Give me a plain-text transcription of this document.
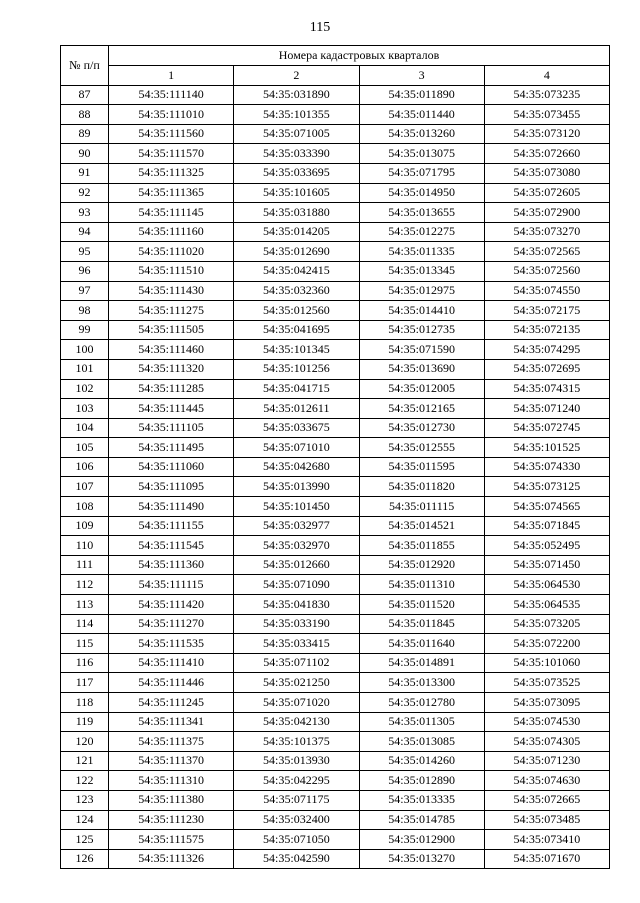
115
№ п/п	Номера кадастровых кварталов			
	1	2	3	4
87	54:35:111140	54:35:031890	54:35:011890	54:35:073235
88	54:35:111010	54:35:101355	54:35:011440	54:35:073455
89	54:35:111560	54:35:071005	54:35:013260	54:35:073120
90	54:35:111570	54:35:033390	54:35:013075	54:35:072660
91	54:35:111325	54:35:033695	54:35:071795	54:35:073080
92	54:35:111365	54:35:101605	54:35:014950	54:35:072605
93	54:35:111145	54:35:031880	54:35:013655	54:35:072900
94	54:35:111160	54:35:014205	54:35:012275	54:35:073270
95	54:35:111020	54:35:012690	54:35:011335	54:35:072565
96	54:35:111510	54:35:042415	54:35:013345	54:35:072560
97	54:35:111430	54:35:032360	54:35:012975	54:35:074550
98	54:35:111275	54:35:012560	54:35:014410	54:35:072175
99	54:35:111505	54:35:041695	54:35:012735	54:35:072135
100	54:35:111460	54:35:101345	54:35:071590	54:35:074295
101	54:35:111320	54:35:101256	54:35:013690	54:35:072695
102	54:35:111285	54:35:041715	54:35:012005	54:35:074315
103	54:35:111445	54:35:012611	54:35:012165	54:35:071240
104	54:35:111105	54:35:033675	54:35:012730	54:35:072745
105	54:35:111495	54:35:071010	54:35:012555	54:35:101525
106	54:35:111060	54:35:042680	54:35:011595	54:35:074330
107	54:35:111095	54:35:013990	54:35:011820	54:35:073125
108	54:35:111490	54:35:101450	54:35:011115	54:35:074565
109	54:35:111155	54:35:032977	54:35:014521	54:35:071845
110	54:35:111545	54:35:032970	54:35:011855	54:35:052495
111	54:35:111360	54:35:012660	54:35:012920	54:35:071450
112	54:35:111115	54:35:071090	54:35:011310	54:35:064530
113	54:35:111420	54:35:041830	54:35:011520	54:35:064535
114	54:35:111270	54:35:033190	54:35:011845	54:35:073205
115	54:35:111535	54:35:033415	54:35:011640	54:35:072200
116	54:35:111410	54:35:071102	54:35:014891	54:35:101060
117	54:35:111446	54:35:021250	54:35:013300	54:35:073525
118	54:35:111245	54:35:071020	54:35:012780	54:35:073095
119	54:35:111341	54:35:042130	54:35:011305	54:35:074530
120	54:35:111375	54:35:101375	54:35:013085	54:35:074305
121	54:35:111370	54:35:013930	54:35:014260	54:35:071230
122	54:35:111310	54:35:042295	54:35:012890	54:35:074630
123	54:35:111380	54:35:071175	54:35:013335	54:35:072665
124	54:35:111230	54:35:032400	54:35:014785	54:35:073485
125	54:35:111575	54:35:071050	54:35:012900	54:35:073410
126	54:35:111326	54:35:042590	54:35:013270	54:35:071670
